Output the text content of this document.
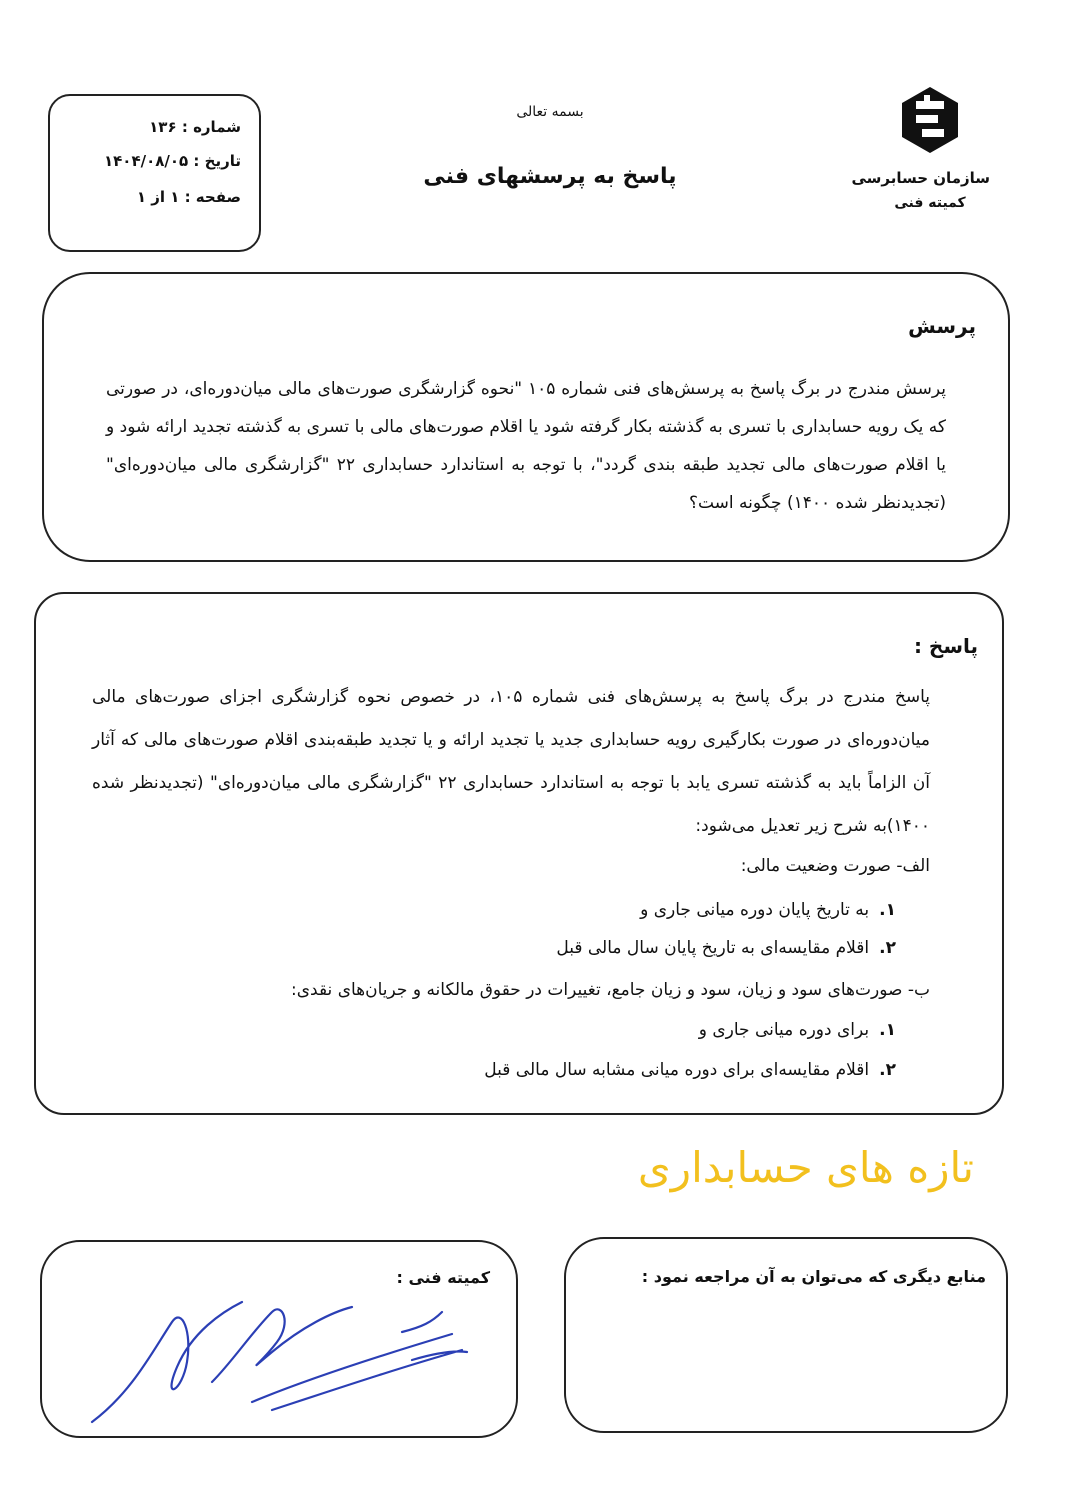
سازمان حسابرسی
کمیته فنی
بسمه تعالی
پاسخ به پرسشهای فنی
شماره : ۱۳۶
تاریخ : ۱۴۰۴/۰۸/۰۵
صفحه : ۱ از ۱
پرسش
پرسش مندرج در برگ پاسخ به پرسش‌های فنی شماره ۱۰۵ "نحوه گزارشگری صورت‌های مالی میان‌دوره‌ای، در صورتی که یک رویه حسابداری با تسری به گذشته بکار گرفته شود یا اقلام صورت‌های مالی با تسری به گذشته تجدید ارائه شود و یا اقلام صورت‌های مالی تجدید طبقه بندی گردد"، با توجه به استاندارد حسابداری ۲۲ "گزارشگری مالی میان‌دوره‌ای" (تجدیدنظر شده ۱۴۰۰) چگونه است؟
پاسخ :
پاسخ مندرج در برگ پاسخ به پرسش‌های فنی شماره ۱۰۵، در خصوص نحوه گزارشگری اجزای صورت‌های مالی میان‌دوره‌ای در صورت بکارگیری رویه حسابداری جدید یا تجدید ارائه و یا تجدید طبقه‌بندی اقلام صورت‌های مالی که آثار آن الزاماً باید به گذشته تسری یابد با توجه به استاندارد حسابداری ۲۲ "گزارشگری مالی میان‌دوره‌ای" (تجدیدنظر شده ۱۴۰۰)به شرح زیر تعدیل می‌شود:
الف- صورت وضعیت مالی:
۱.به تاریخ پایان دوره میانی جاری و
۲.اقلام مقایسه‌ای به تاریخ پایان سال مالی قبل
ب- صورت‌های سود و زیان، سود و زیان جامع، تغییرات در حقوق مالکانه و جریان‌های نقدی:
۱.برای دوره میانی جاری و
۲.اقلام مقایسه‌ای برای دوره میانی مشابه سال مالی قبل
تازه های حسابداری
کمیته فنی :	منابع دیگری که می‌توان به آن مراجعه نمود :
